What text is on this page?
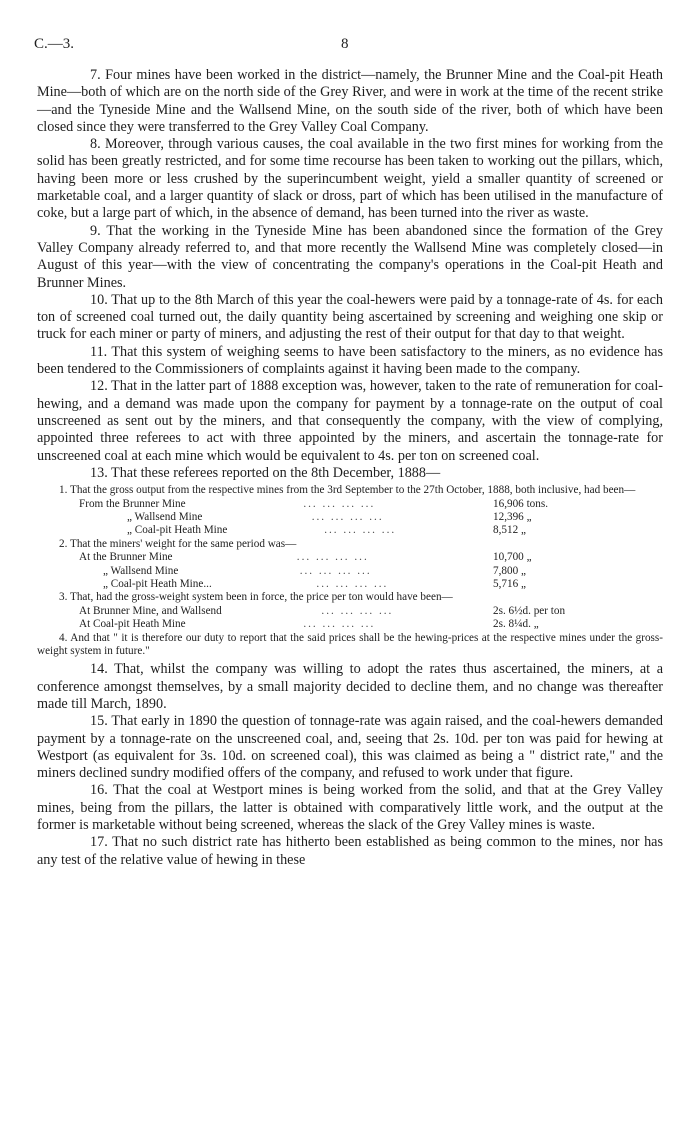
C.—3.	8

7. Four mines have been worked in the district—namely, the Brunner Mine and the Coal-pit Heath Mine—both of which are on the north side of the Grey River, and were in work at the time of the recent strike—and the Tyneside Mine and the Wallsend Mine, on the south side of the river, both of which have been closed since they were transferred to the Grey Valley Coal Company.

8. Moreover, through various causes, the coal available in the two first mines for working from the solid has been greatly restricted, and for some time recourse has been taken to working out the pillars, which, having been more or less crushed by the superincumbent weight, yield a smaller quantity of screened or marketable coal, and a larger quantity of slack or dross, part of which has been utilised in the manufacture of coke, but a large part of which, in the absence of demand, has been turned into the river as waste.

9. That the working in the Tyneside Mine has been abandoned since the formation of the Grey Valley Company already referred to, and that more recently the Wallsend Mine was completely closed—in August of this year—with the view of concentrating the company's operations in the Coal-pit Heath and Brunner Mines.

10. That up to the 8th March of this year the coal-hewers were paid by a tonnage-rate of 4s. for each ton of screened coal turned out, the daily quantity being ascertained by screening and weighing one skip or truck for each miner or party of miners, and adjusting the rest of their output for that day to that weight.

11. That this system of weighing seems to have been satisfactory to the miners, as no evidence has been tendered to the Commissioners of complaints against it having been made to the company.

12. That in the latter part of 1888 exception was, however, taken to the rate of remuneration for coal-hewing, and a demand was made upon the company for payment by a tonnage-rate on the output of coal unscreened as sent out by the miners, and that consequently the company, with the view of complying, appointed three referees to act with three appointed by the miners, and ascertain the tonnage-rate for unscreened coal at each mine which would be equivalent to 4s. per ton on screened coal.

13. That these referees reported on the 8th December, 1888—

1. That the gross output from the respective mines from the 3rd September to the 27th October, 1888, both inclusive, had been—

From the Brunner Mine	... ... ... ...	16,906 tons.
„ Wallsend Mine	... ... ... ...	12,396 „
„ Coal-pit Heath Mine	... ... ... ...	8,512 „

2. That the miners' weight for the same period was—

At the Brunner Mine	... ... ... ...	10,700 „
„ Wallsend Mine	... ... ... ...	7,800 „
„ Coal-pit Heath Mine...	... ... ... ...	5,716 „

3. That, had the gross-weight system been in force, the price per ton would have been—

At Brunner Mine, and Wallsend	... ... ... ...	2s. 6½d. per ton
At Coal-pit Heath Mine	... ... ... ...	2s. 8¼d. „

4. And that " it is therefore our duty to report that the said prices shall be the hewing-prices at the respective mines under the gross-weight system in future."

14. That, whilst the company was willing to adopt the rates thus ascertained, the miners, at a conference amongst themselves, by a small majority decided to decline them, and no change was thereafter made till March, 1890.

15. That early in 1890 the question of tonnage-rate was again raised, and the coal-hewers demanded payment by a tonnage-rate on the unscreened coal, and, seeing that 2s. 10d. per ton was paid for hewing at Westport (as equivalent for 3s. 10d. on screened coal), this was claimed as being a " district rate," and the miners declined sundry modified offers of the company, and refused to work under that figure.

16. That the coal at Westport mines is being worked from the solid, and that at the Grey Valley mines, being from the pillars, the latter is obtained with comparatively little work, and the output at the former is marketable without being screened, whereas the slack of the Grey Valley mines is waste.

17. That no such district rate has hitherto been established as being common to the mines, nor has any test of the relative value of hewing in these
